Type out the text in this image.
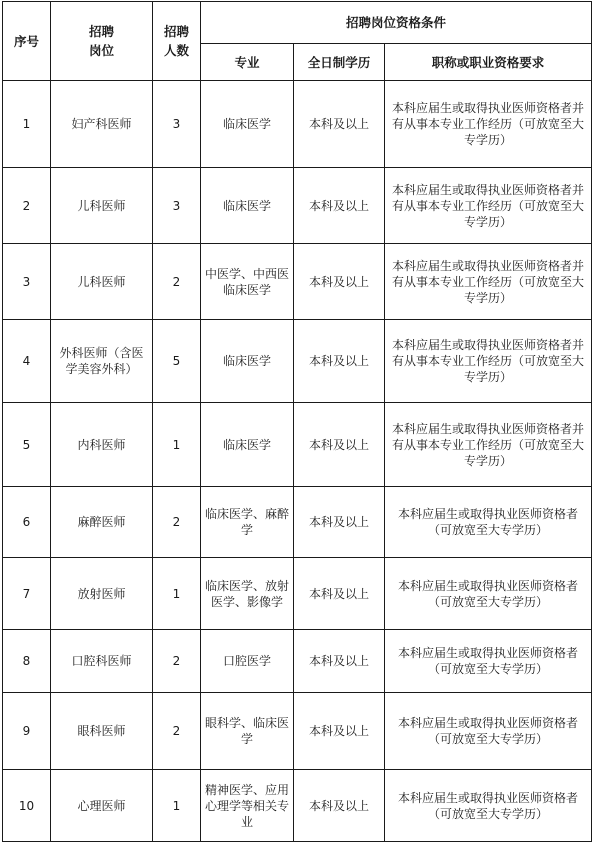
序号	招聘岗位	招聘人数	招聘岗位资格条件		
			专业	全日制学历	职称或职业资格要求
1	妇产科医师	3	临床医学	本科及以上	本科应届生或取得执业医师资格者并有从事本专业工作经历（可放宽至大专学历）
2	儿科医师	3	临床医学	本科及以上	本科应届生或取得执业医师资格者并有从事本专业工作经历（可放宽至大专学历）
3	儿科医师	2	中医学、中西医临床医学	本科及以上	本科应届生或取得执业医师资格者并有从事本专业工作经历（可放宽至大专学历）
4	外科医师（含医学美容外科）	5	临床医学	本科及以上	本科应届生或取得执业医师资格者并有从事本专业工作经历（可放宽至大专学历）
5	内科医师	1	临床医学	本科及以上	本科应届生或取得执业医师资格者并有从事本专业工作经历（可放宽至大专学历）
6	麻醉医师	2	临床医学、麻醉学	本科及以上	本科应届生或取得执业医师资格者（可放宽至大专学历）
7	放射医师	1	临床医学、放射医学、影像学	本科及以上	本科应届生或取得执业医师资格者（可放宽至大专学历）
8	口腔科医师	2	口腔医学	本科及以上	本科应届生或取得执业医师资格者（可放宽至大专学历）
9	眼科医师	2	眼科学、临床医学	本科及以上	本科应届生或取得执业医师资格者（可放宽至大专学历）
10	心理医师	1	精神医学、应用心理学等相关专业	本科及以上	本科应届生或取得执业医师资格者（可放宽至大专学历）
